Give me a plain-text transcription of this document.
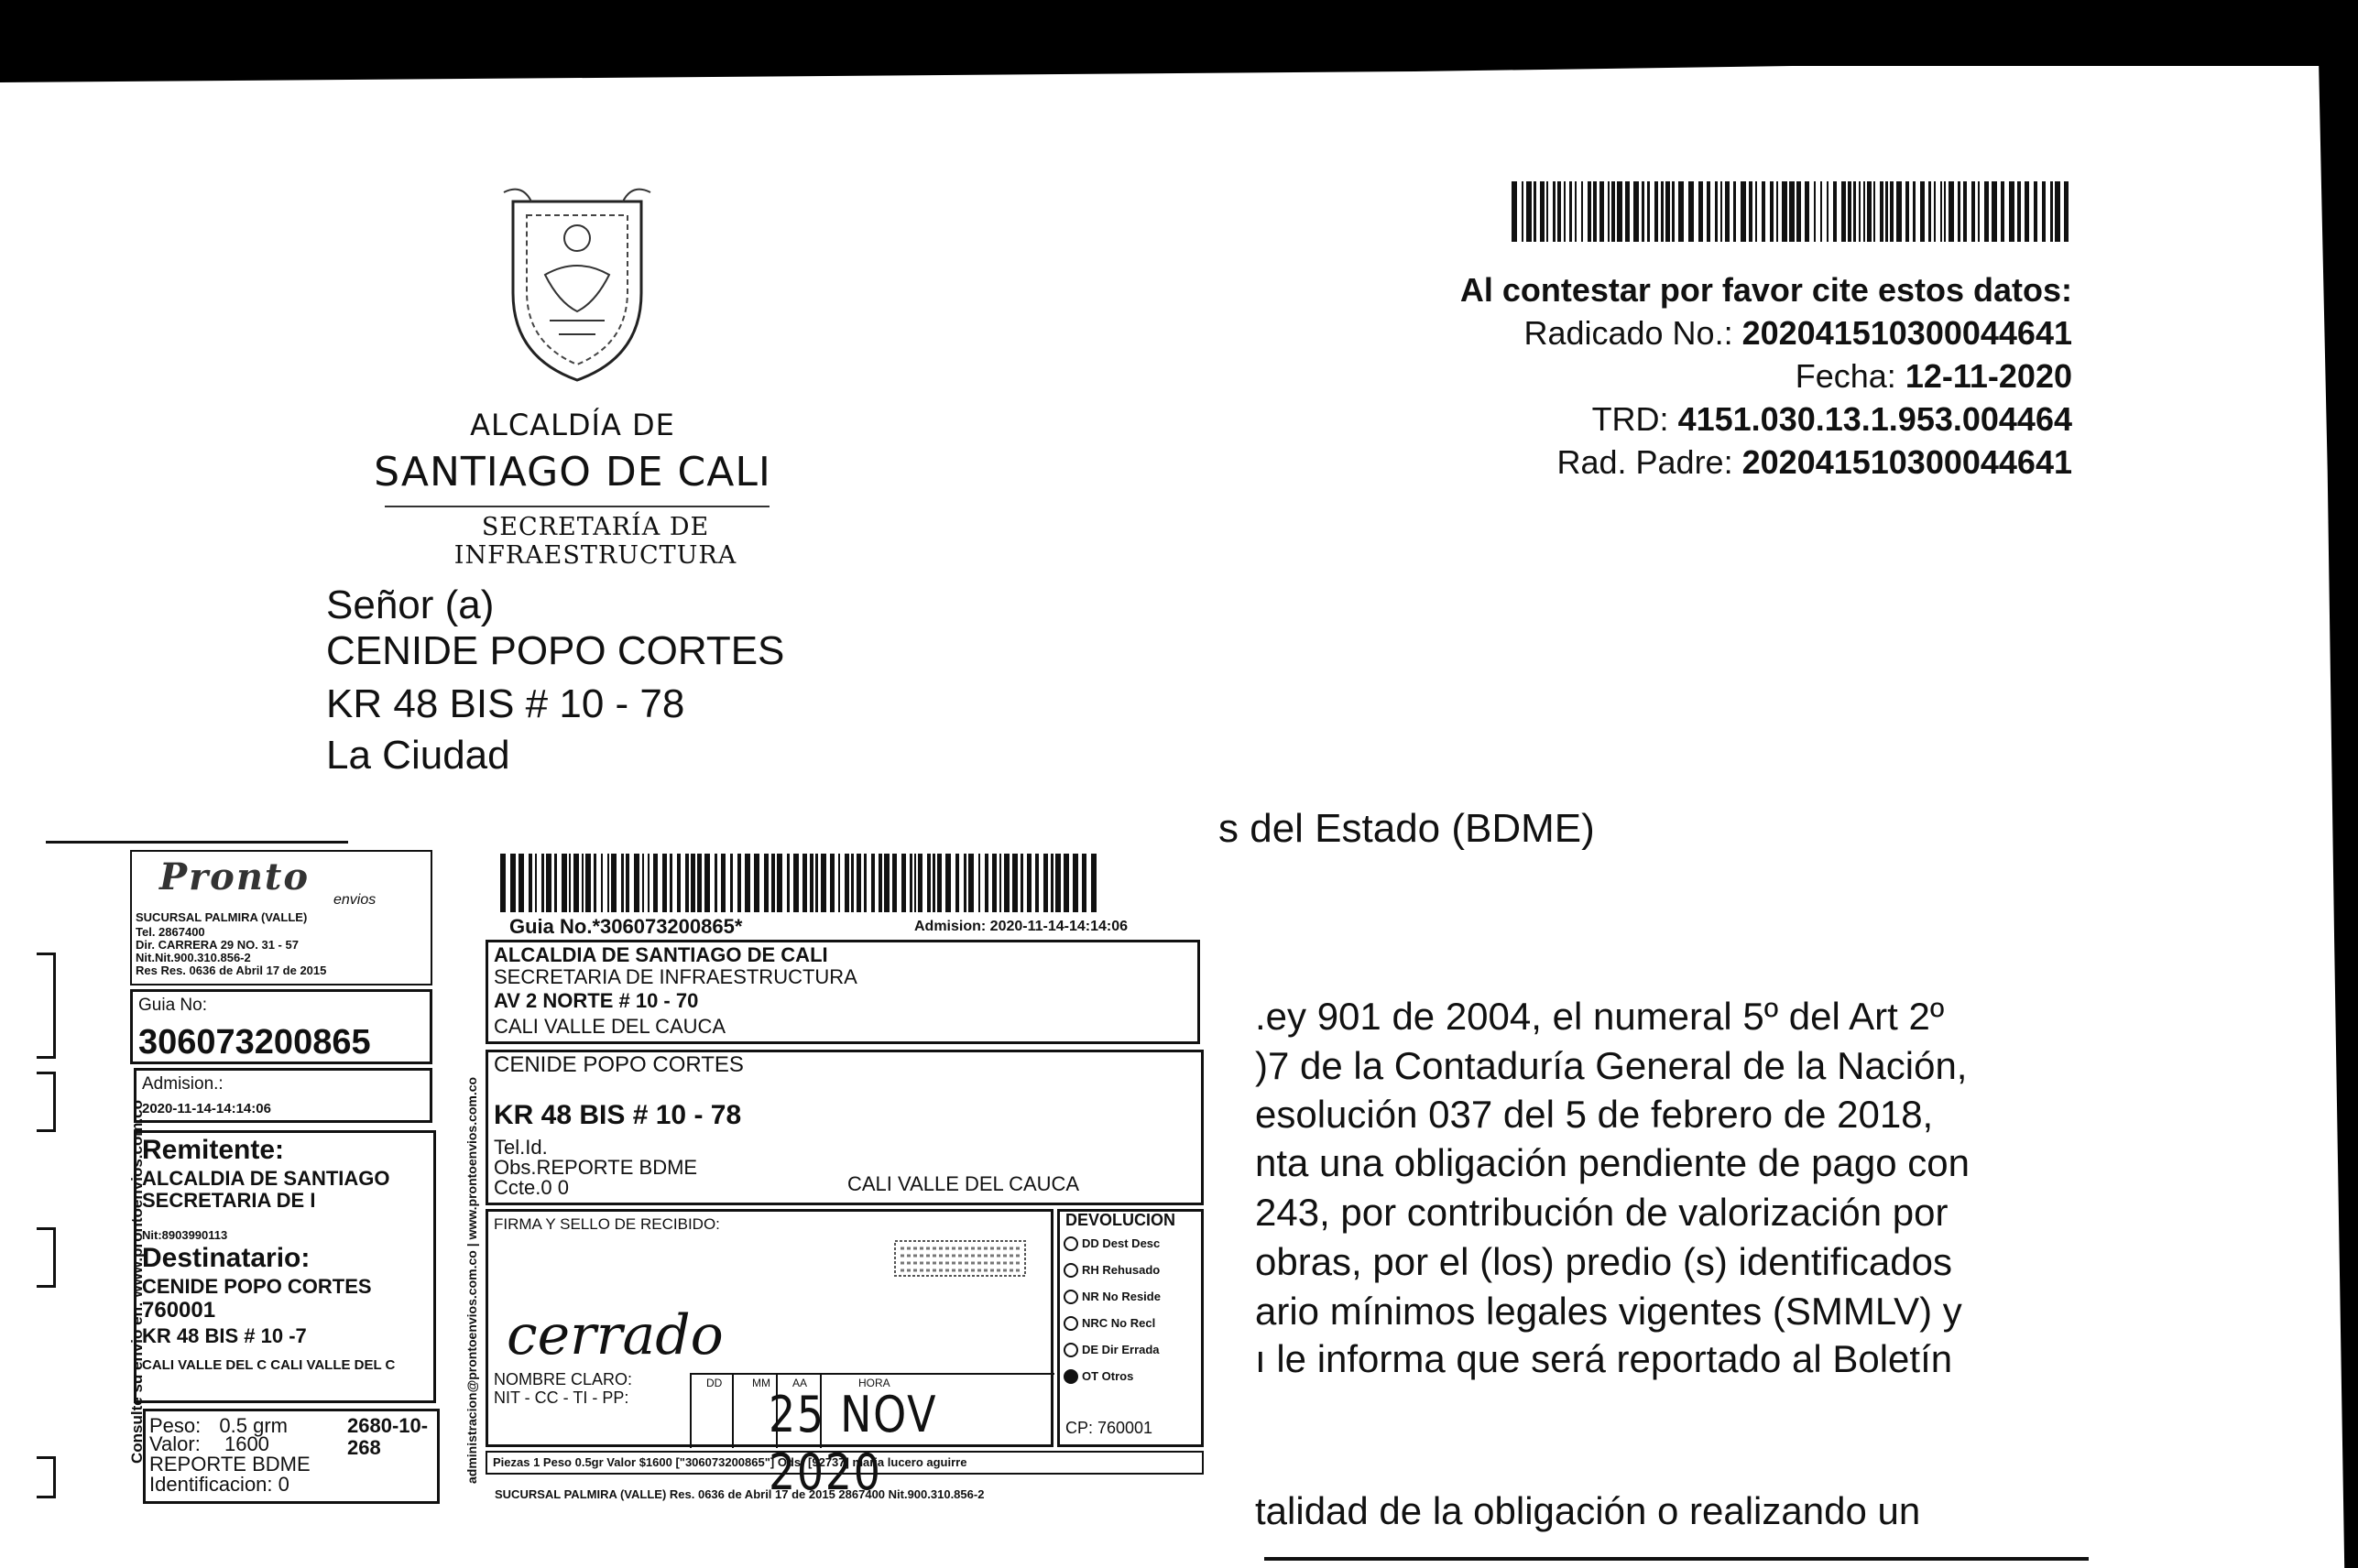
ALCALDÍA DE
SANTIAGO DE CALI
SECRETARÍA DE INFRAESTRUCTURA
Al contestar por favor cite estos datos:
Radicado No.: 202041510300044641
Fecha: 12-11-2020
TRD: 4151.030.13.1.953.004464
Rad. Padre: 202041510300044641
Señor (a)
CENIDE POPO CORTES
KR 48 BIS # 10 - 78
La Ciudad
s del Estado (BDME)
.ey 901 de 2004, el numeral 5º del Art 2º
)7 de la Contaduría General de la Nación,
esolución 037 del 5 de febrero de 2018,
nta una obligación pendiente de pago con
243, por contribución de valorización por
obras, por el (los) predio (s) identificados
ario mínimos legales vigentes (SMMLV) y
ı le informa que será reportado al Boletín
talidad de la obligación o realizando un
Pronto
envios
SUCURSAL PALMIRA (VALLE)
Tel. 2867400
Dir. CARRERA 29 NO. 31 - 57
Nit.Nit.900.310.856-2
Res Res. 0636 de Abril 17 de 2015
Guia No:
306073200865
Admision.:
2020-11-14-14:14:06
Remitente:
ALCALDIA DE SANTIAGO
SECRETARIA DE I
Nit:8903990113
Destinatario:
CENIDE POPO CORTES
760001
KR 48 BIS # 10 -7
CALI VALLE DEL C CALI VALLE DEL C
Peso: 0.5 grm	2680-10-268
Valor: 1600
REPORTE BDME
Identificacion: 0
Consulte su envio en: www.prontoenvios.com.co
Guia No.*306073200865*	Admision: 2020-11-14-14:14:06
administracion@prontoenvios.com.co | www.prontoenvios.com.co
ALCALDIA DE SANTIAGO DE CALI
SECRETARIA DE INFRAESTRUCTURA
AV 2 NORTE # 10 - 70
CALI VALLE DEL CAUCA
CENIDE POPO CORTES
KR 48 BIS # 10 - 78
Tel.Id.
Obs.REPORTE BDME
Ccte.0 0	CALI VALLE DEL CAUCA
FIRMA Y SELLO DE RECIBIDO:
cerrado
NOMBRE CLARO:
NIT - CC - TI - PP:
DD	MM AA	HORA
25 NOV 2020
DEVOLUCION
DD Dest Desc
RH Rehusado
NR No Reside
NRC No Recl
DE Dir Errada
OT Otros
CP: 760001
Piezas 1 Peso 0.5gr Valor $1600 ["306073200865"] Ods: [92737] maria lucero aguirre
SUCURSAL PALMIRA (VALLE) Res. 0636 de Abril 17 de 2015 2867400 Nit.900.310.856-2
